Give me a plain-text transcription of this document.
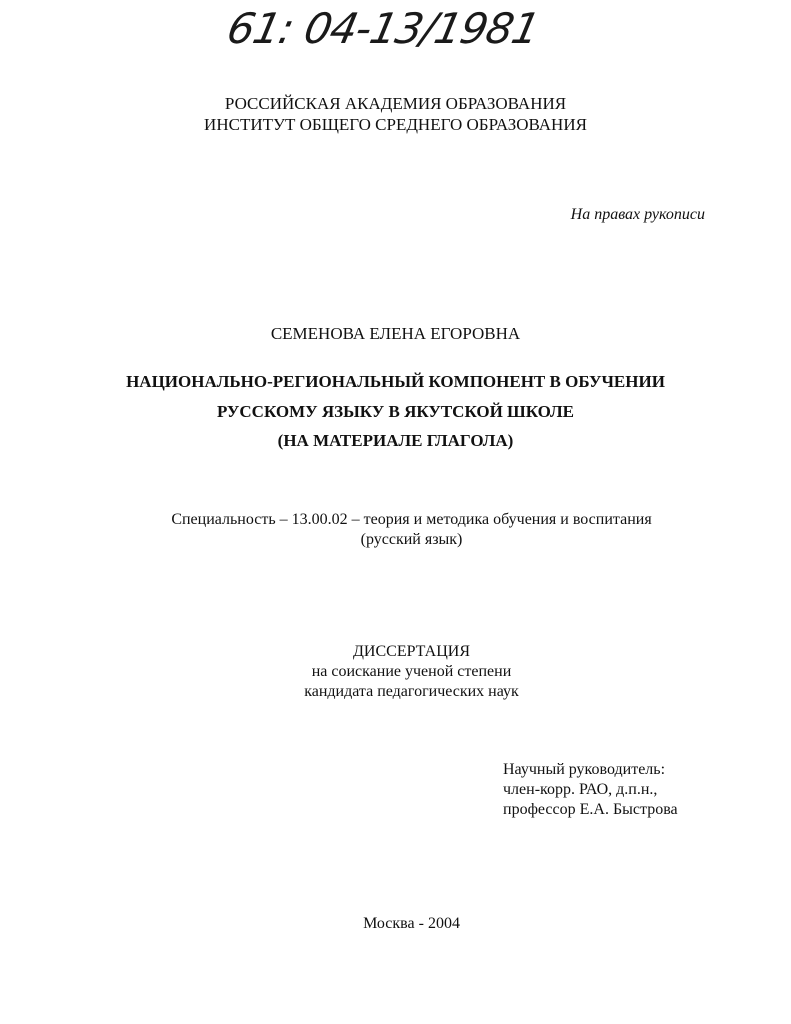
61: 04-13/1981
РОССИЙСКАЯ АКАДЕМИЯ ОБРАЗОВАНИЯ
ИНСТИТУТ ОБЩЕГО СРЕДНЕГО ОБРАЗОВАНИЯ
На правах рукописи
СЕМЕНОВА ЕЛЕНА ЕГОРОВНА
НАЦИОНАЛЬНО-РЕГИОНАЛЬНЫЙ КОМПОНЕНТ В ОБУЧЕНИИ
РУССКОМУ ЯЗЫКУ В ЯКУТСКОЙ ШКОЛЕ
(НА МАТЕРИАЛЕ ГЛАГОЛА)
Специальность – 13.00.02 – теория и методика обучения и воспитания
(русский язык)
ДИССЕРТАЦИЯ
на соискание ученой степени
кандидата педагогических наук
Научный руководитель:
член-корр. РАО, д.п.н.,
профессор Е.А. Быстрова
Москва - 2004
